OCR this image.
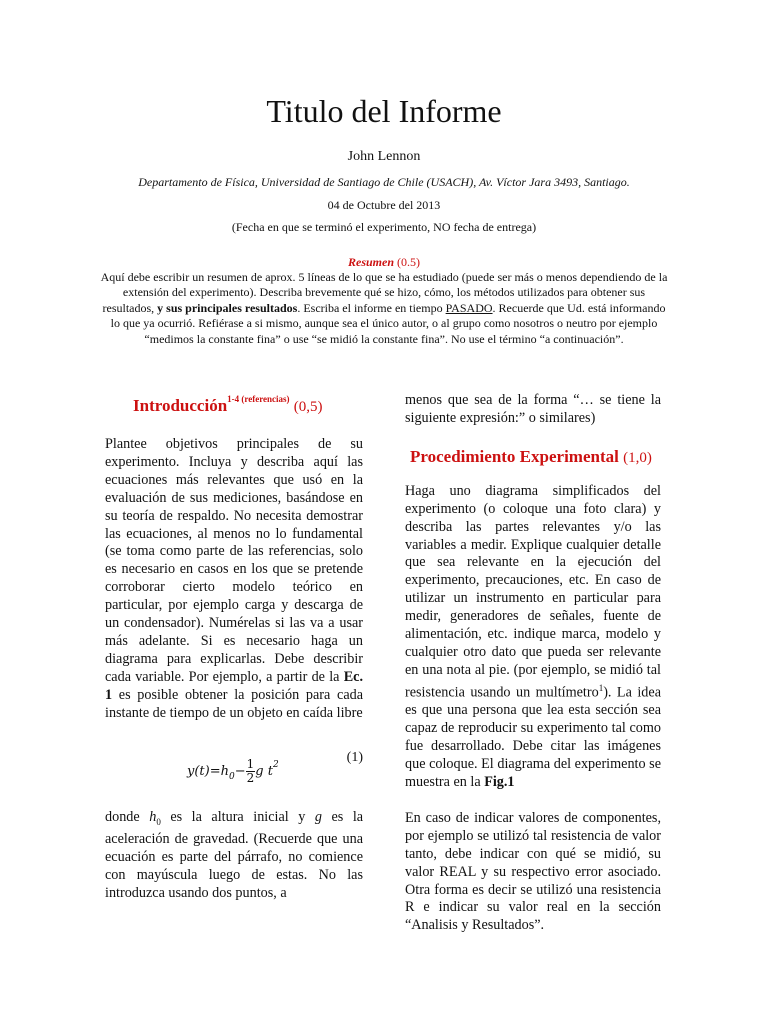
Titulo del Informe
John Lennon
Departamento de Física, Universidad de Santiago de Chile (USACH), Av. Víctor Jara 3493, Santiago.
04 de Octubre del 2013
(Fecha en que se terminó el experimento, NO fecha de entrega)
Resumen (0.5)
Aquí debe escribir un resumen de aprox. 5 líneas de lo que se ha estudiado (puede ser más o menos dependiendo de la extensión del experimento). Describa brevemente qué se hizo, cómo, los métodos utilizados para obtener sus resultados, y sus principales resultados. Escriba el informe en tiempo PASADO. Recuerde que Ud. está informando lo que ya ocurrió. Refiérase a si mismo, aunque sea el único autor, o al grupo como nosotros o neutro por ejemplo “medimos la constante fina” o use “se midió la constante fina”. No use el término “a continuación”.
Introducción$^{1-4 (referencias)}$ (0,5)

Plantee objetivos principales de su experimento. Incluya y describa aquí las ecuaciones más relevantes que usó en la evaluación de sus mediciones, basándose en su teoría de respaldo. No necesita demostrar las ecuaciones, al menos no lo fundamental (se toma como parte de las referencias, solo es necesario en casos en los que se pretende corroborar cierto modelo teórico en particular, por ejemplo carga y descarga de un condensador). Numérelas si las va a usar más adelante. Si es necesario haga un diagrama para explicarlas. Debe describir cada variable. Por ejemplo, a partir de la Ec. 1 es posible obtener la posición para cada instante de tiempo de un objeto en caída libre

$y(t)=h_0- \frac{1}{2}$ g $t^2$	(1)

donde $h_0$ es la altura inicial y g es la aceleración de gravedad. (Recuerde que una ecuación es parte del párrafo, no comience con mayúscula luego de estas. No las introduzca usando dos puntos, a

menos que sea de la forma “… se tiene la siguiente expresión:” o similares)
Procedimiento Experimental (1,0)

Haga uno diagrama simplificados del experimento (o coloque una foto clara) y describa las partes relevantes y/o las variables a medir. Explique cualquier detalle que sea relevante en la ejecución del experimento, precauciones, etc. En caso de utilizar un instrumento en particular para medir, generadores de señales, fuente de alimentación, etc. indique marca, modelo y cualquier otro dato que pueda ser relevante en una nota al pie. (por ejemplo, se midió tal resistencia usando un multímetro$^1$). La idea es que una persona que lea esta sección sea capaz de reproducir su experimento tal como fue desarrollado. Debe citar las imágenes que coloque. El diagrama del experimento se muestra en la Fig.1

En caso de indicar valores de componentes, por ejemplo se utilizó tal resistencia de valor tanto, debe indicar con qué se midió, su valor REAL y su respectivo error asociado. Otra forma es decir se utilizó una resistencia R e indicar su valor real en la sección “Analisis y Resultados”.
